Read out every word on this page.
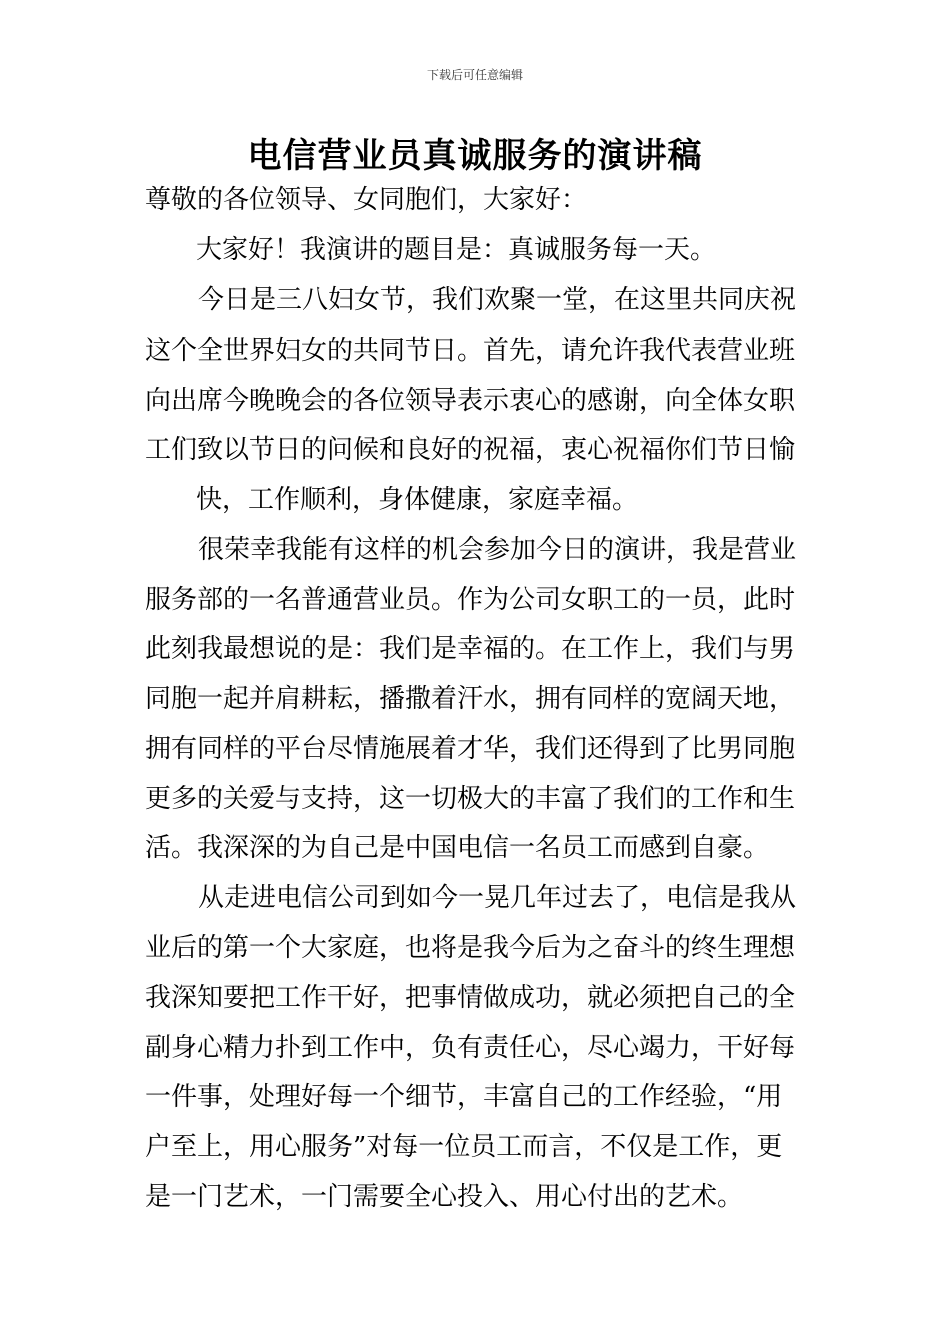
下载后可任意编辑
电信营业员真诚服务的演讲稿
尊敬的各位领导、女同胞们，大家好：
大家好！我演讲的题目是：真诚服务每一天。
今日是三八妇女节，我们欢聚一堂，在这里共同庆祝
这个全世界妇女的共同节日。首先，请允许我代表营业班
向出席今晚晚会的各位领导表示衷心的感谢，向全体女职
工们致以节日的问候和良好的祝福，衷心祝福你们节日愉
快，工作顺利，身体健康，家庭幸福。
很荣幸我能有这样的机会参加今日的演讲，我是营业
服务部的一名普通营业员。作为公司女职工的一员，此时
此刻我最想说的是：我们是幸福的。在工作上，我们与男
同胞一起并肩耕耘，播撒着汗水，拥有同样的宽阔天地，
拥有同样的平台尽情施展着才华，我们还得到了比男同胞
更多的关爱与支持，这一切极大的丰富了我们的工作和生
活。我深深的为自己是中国电信一名员工而感到自豪。
从走进电信公司到如今一晃几年过去了，电信是我从
业后的第一个大家庭，也将是我今后为之奋斗的终生理想
我深知要把工作干好，把事情做成功，就必须把自己的全
副身心精力扑到工作中，负有责任心，尽心竭力，干好每
一件事，处理好每一个细节，丰富自己的工作经验，“用
户至上，用心服务”对每一位员工而言，不仅是工作，更
是一门艺术，一门需要全心投入、用心付出的艺术。
